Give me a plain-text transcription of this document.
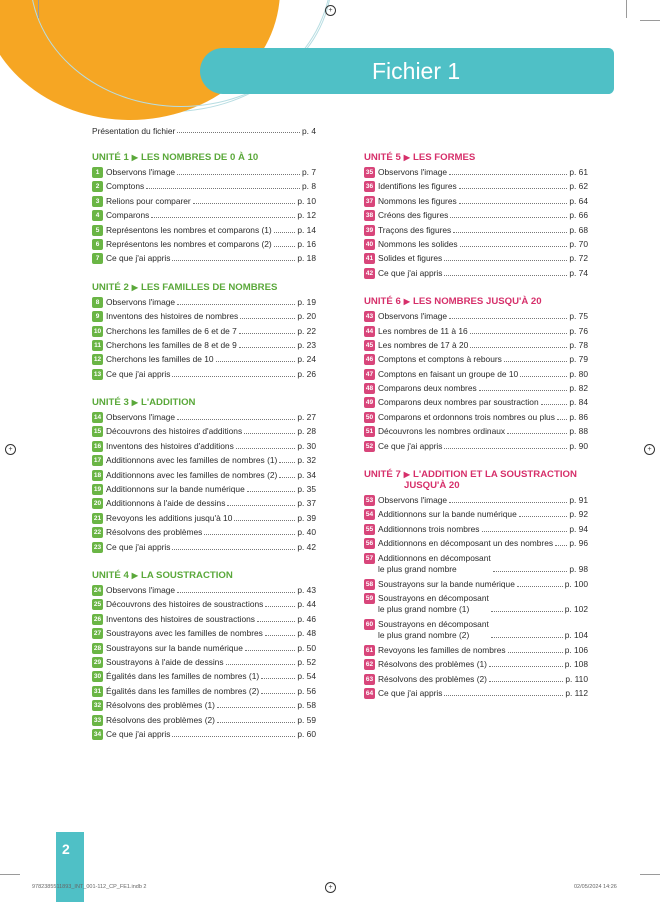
Fichier 1
+
+	+
+
Présentation du fichier	p. 4
UNITÉ 1 ▶ LES NOMBRES DE 0 À 10
1 Observons l'image	p. 7
2 Comptons	p. 8
3 Relions pour comparer	p. 10
4 Comparons	p. 12
5 Représentons les nombres et comparons (1)	p. 14
6 Représentons les nombres et comparons (2)	p. 16
7 Ce que j'ai appris	p. 18
UNITÉ 2 ▶ LES FAMILLES DE NOMBRES
8 Observons l'image	p. 19
9 Inventons des histoires de nombres	p. 20
10 Cherchons les familles de 6 et de 7	p. 22
11 Cherchons les familles de 8 et de 9	p. 23
12 Cherchons les familles de 10	p. 24
13 Ce que j'ai appris	p. 26
UNITÉ 3 ▶ L'ADDITION
14 Observons l'image	p. 27
15 Découvrons des histoires d'additions	p. 28
16 Inventons des histoires d'additions	p. 30
17 Additionnons avec les familles de nombres (1) p. 32
18 Additionnons avec les familles de nombres (2) p. 34
19 Additionnons sur la bande numérique	p. 35
20 Additionnons à l'aide de dessins	p. 37
21 Revoyons les additions jusqu'à 10	p. 39
22 Résolvons des problèmes	p. 40
23 Ce que j'ai appris	p. 42
UNITÉ 4 ▶ LA SOUSTRACTION
24 Observons l'image	p. 43
25 Découvrons des histoires de soustractions	p. 44
26 Inventons des histoires de soustractions	p. 46
27 Soustrayons avec les familles de nombres	p. 48
28 Soustrayons sur la bande numérique	p. 50
29 Soustrayons à l'aide de dessins	p. 52
30 Égalités dans les familles de nombres (1)	p. 54
31 Égalités dans les familles de nombres (2)	p. 56
32 Résolvons des problèmes (1)	p. 58
33 Résolvons des problèmes (2)	p. 59
34 Ce que j'ai appris	p. 60
UNITÉ 5 ▶ LES FORMES
35 Observons l'image	p. 61
36 Identifions les figures	p. 62
37 Nommons les figures	p. 64
38 Créons des figures	p. 66
39 Traçons des figures	p. 68
40 Nommons les solides	p. 70
41 Solides et figures	p. 72
42 Ce que j'ai appris	p. 74
UNITÉ 6 ▶ LES NOMBRES JUSQU'À 20
43 Observons l'image	p. 75
44 Les nombres de 11 à 16	p. 76
45 Les nombres de 17 à 20	p. 78
46 Comptons et comptons à rebours	p. 79
47 Comptons en faisant un groupe de 10	p. 80
48 Comparons deux nombres	p. 82
49 Comparons deux nombres par soustraction	p. 84
50 Comparons et ordonnons trois nombres ou plus p. 86
51 Découvrons les nombres ordinaux	p. 88
52 Ce que j'ai appris	p. 90
UNITÉ 7 ▶ L'ADDITION ET LA SOUSTRACTION
JUSQU'À 20
53 Observons l'image	p. 91
54 Additionnons sur la bande numérique	p. 92
55 Additionnons trois nombres	p. 94
56 Additionnons en décomposant un des nombres p. 96
57 Additionnons en décomposant
le plus grand nombre	p. 98
58 Soustrayons sur la bande numérique	p. 100
59 Soustrayons en décomposant
le plus grand nombre (1)	p. 102
60 Soustrayons en décomposant
le plus grand nombre (2)	p. 104
61 Revoyons les familles de nombres	p. 106
62 Résolvons des problèmes (1)	p. 108
63 Résolvons des problèmes (2)	p. 110
64 Ce que j'ai appris	p. 112
2
9782385511893_INT_001-112_CP_FE1.indb 2	02/05/2024 14:26
